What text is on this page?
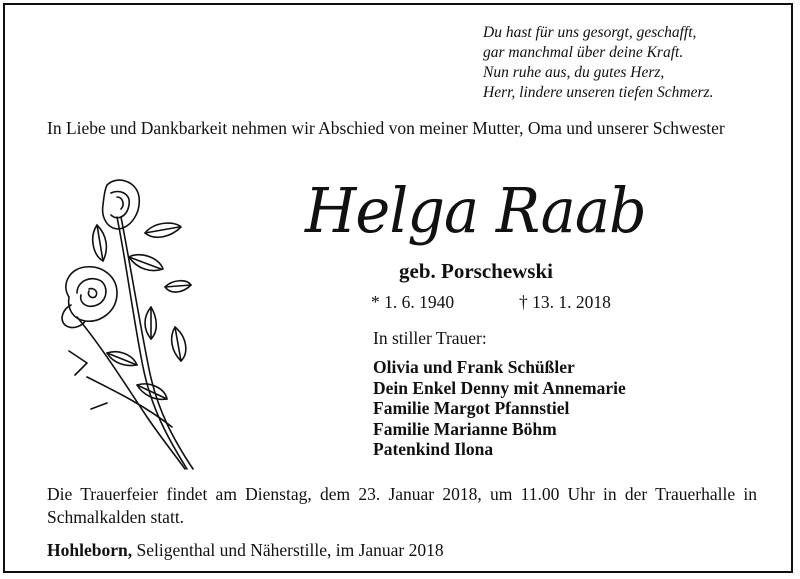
Du hast für uns gesorgt, geschafft,
gar manchmal über deine Kraft.
Nun ruhe aus, du gutes Herz,
Herr, lindere unseren tiefen Schmerz.
In Liebe und Dankbarkeit nehmen wir Abschied von meiner Mutter, Oma und unserer Schwester
Helga Raab
geb. Porschewski
* 1. 6. 1940	† 13. 1. 2018
In stiller Trauer:
Olivia und Frank Schüßler
Dein Enkel Denny mit Annemarie
Familie Margot Pfannstiel
Familie Marianne Böhm
Patenkind Ilona
Die Trauerfeier findet am Dienstag, dem 23. Januar 2018, um 11.00 Uhr in der Trauerhalle in Schmalkalden statt.
Hohleborn, Seligenthal und Näherstille, im Januar 2018
